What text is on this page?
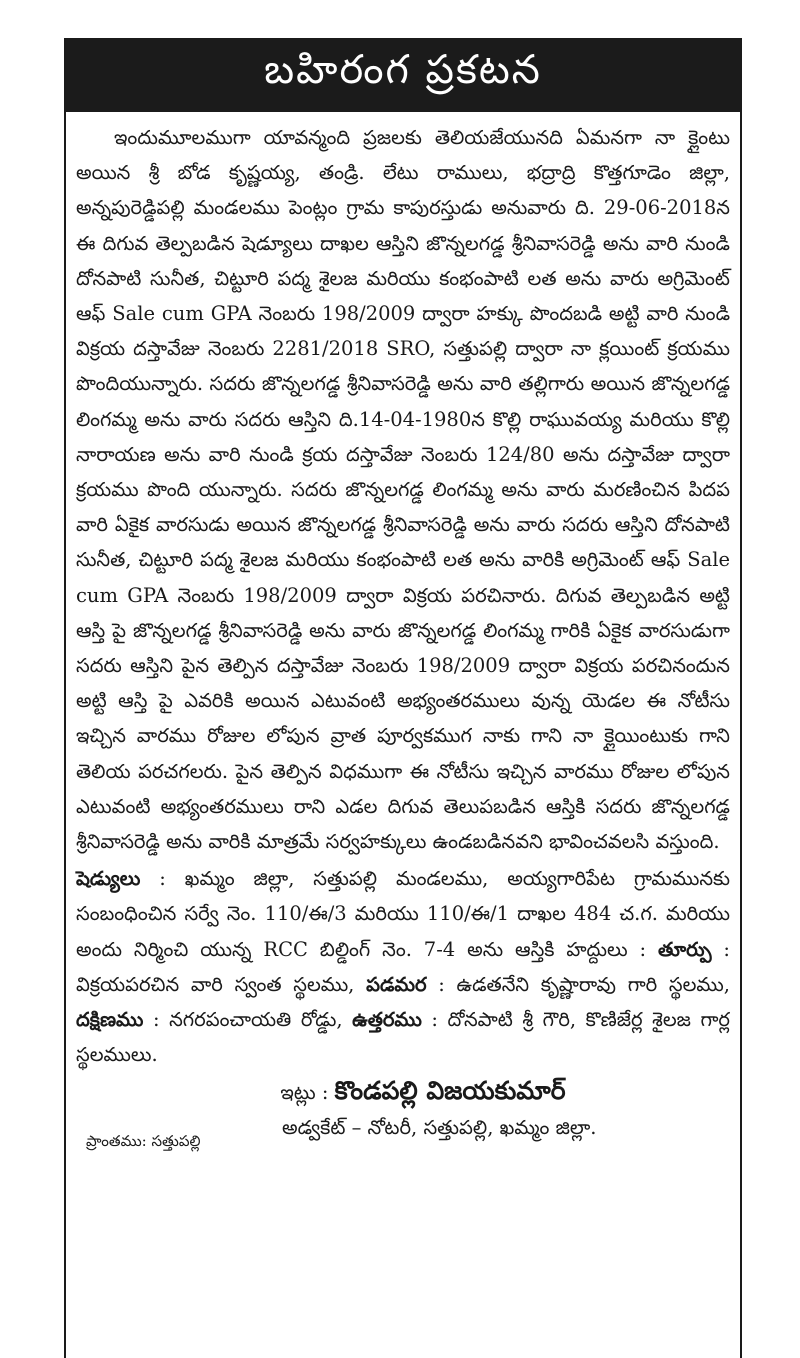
బహిరంగ ప్రకటన

ఇందుమూలముగా యావన్మంది ప్రజలకు తెలియజేయునది ఏమనగా నా క్లైంటు అయిన శ్రీ బోడ కృష్ణయ్య, తండ్రి. లేటు రాములు, భద్రాద్రి కొత్తగూడెం జిల్లా, అన్నపురెడ్డిపల్లి మండలము పెంట్లం గ్రామ కాపురస్తుడు అనువారు ది. 29-06-2018న ఈ దిగువ తెల్పబడిన షెడ్యూలు దాఖల ఆస్తిని జొన్నలగడ్డ శ్రీనివాసరెడ్డి అను వారి నుండి దోనపాటి సునీత, చిట్టూరి పద్మ శైలజ మరియు కంభంపాటి లత అను వారు అగ్రిమెంట్ ఆఫ్ Sale cum GPA నెంబరు 198/2009 ద్వారా హక్కు పొందబడి అట్టి వారి నుండి విక్రయ దస్తావేజు నెంబరు 2281/2018 SRO, సత్తుపల్లి ద్వారా నా క్లయింట్ క్రయము పొందియున్నారు. సదరు జొన్నలగడ్డ శ్రీనివాసరెడ్డి అను వారి తల్లిగారు అయిన జొన్నలగడ్డ లింగమ్మ అను వారు సదరు ఆస్తిని ది.14-04-1980న కొల్లి రాఘువయ్య మరియు కొల్లి నారాయణ అను వారి నుండి క్రయ దస్తావేజు నెంబరు 124/80 అను దస్తావేజు ద్వారా క్రయము పొంది యున్నారు. సదరు జొన్నలగడ్డ లింగమ్మ అను వారు మరణించిన పిదప వారి ఏకైక వారసుడు అయిన జొన్నలగడ్డ శ్రీనివాసరెడ్డి అను వారు సదరు ఆస్తిని దోనపాటి సునీత, చిట్టూరి పద్మ శైలజ మరియు కంభంపాటి లత అను వారికి అగ్రిమెంట్ ఆఫ్ Sale cum GPA నెంబరు 198/2009 ద్వారా విక్రయ పరచినారు. దిగువ తెల్పబడిన అట్టి ఆస్తి పై జొన్నలగడ్డ శ్రీనివాసరెడ్డి అను వారు జొన్నలగడ్డ లింగమ్మ గారికి ఏకైక వారసుడుగా సదరు ఆస్తిని పైన తెల్పిన దస్తావేజు నెంబరు 198/2009 ద్వారా విక్రయ పరచినందున అట్టి ఆస్తి పై ఎవరికి అయిన ఎటువంటి అభ్యంతరములు వున్న యెడల ఈ నోటీసు ఇచ్చిన వారము రోజుల లోపున వ్రాత పూర్వకముగ నాకు గాని నా క్లైయింటుకు గాని తెలియ పరచగలరు. పైన తెల్పిన విధముగా ఈ నోటీసు ఇచ్చిన వారము రోజుల లోపున ఎటువంటి అభ్యంతరములు రాని ఎడల దిగువ తెలుపబడిన ఆస్తికి సదరు జొన్నలగడ్డ శ్రీనివాసరెడ్డి అను వారికి మాత్రమే సర్వహక్కులు ఉండబడినవని భావించవలసి వస్తుంది.

షెడ్యులు : ఖమ్మం జిల్లా, సత్తుపల్లి మండలము, అయ్యగారిపేట గ్రామమునకు సంబంధించిన సర్వే నెం. 110/ఈ/3 మరియు 110/ఈ/1 దాఖల 484 చ.గ. మరియు అందు నిర్మించి యున్న RCC బిల్డింగ్ నెం. 7-4 అను ఆస్తికి హద్దులు : తూర్పు : విక్రయపరచిన వారి స్వంత స్థలము, పడమర : ఉడతనేని కృష్ణారావు గారి స్థలము, దక్షిణము : నగరపంచాయతి రోడ్డు, ఉత్తరము : దోనపాటి శ్రీ గౌరి, కొణిజేర్ల శైలజ గార్ల స్థలములు.

ఇట్లు : కొండపల్లి విజయకుమార్
ప్రాంతము: సత్తుపల్లి
అడ్వకేట్ – నోటరీ, సత్తుపల్లి, ఖమ్మం జిల్లా.
